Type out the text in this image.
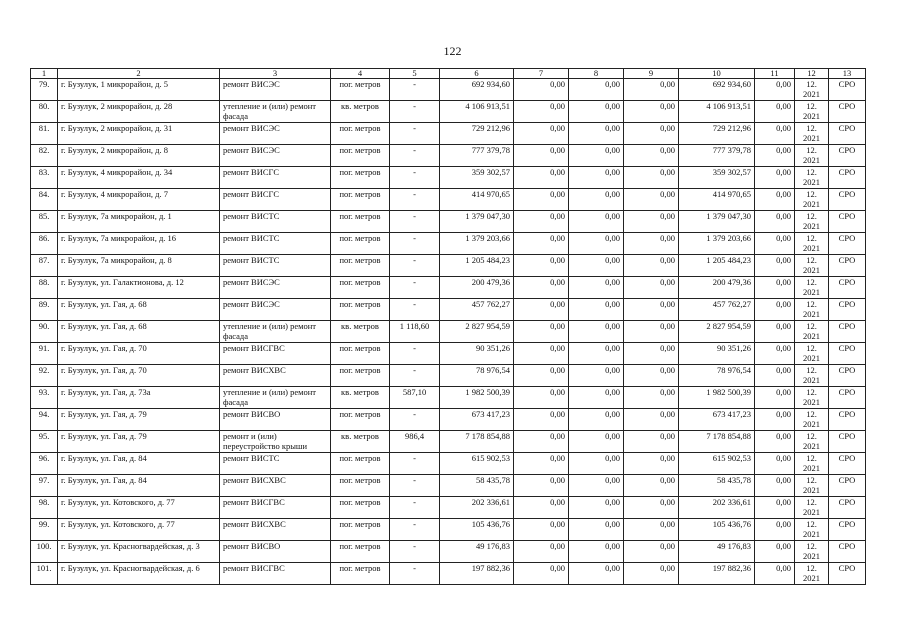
122
1	2	3	4	5	6	7	8	9	10	11	12	13
79.	г. Бузулук, 1 микрорайон, д. 5	ремонт ВИСЭС	пог. метров	-	692 934,60	0,00	0,00	0,00	692 934,60	0,00	12. 2021	СРО
80.	г. Бузулук, 2 микрорайон, д. 28	утепление и (или) ремонт фасада	кв. метров	-	4 106 913,51	0,00	0,00	0,00	4 106 913,51	0,00	12. 2021	СРО
81.	г. Бузулук, 2 микрорайон, д. 31	ремонт ВИСЭС	пог. метров	-	729 212,96	0,00	0,00	0,00	729 212,96	0,00	12. 2021	СРО
82.	г. Бузулук, 2 микрорайон, д. 8	ремонт ВИСЭС	пог. метров	-	777 379,78	0,00	0,00	0,00	777 379,78	0,00	12. 2021	СРО
83.	г. Бузулук, 4 микрорайон, д. 34	ремонт ВИСГС	пог. метров	-	359 302,57	0,00	0,00	0,00	359 302,57	0,00	12. 2021	СРО
84.	г. Бузулук, 4 микрорайон, д. 7	ремонт ВИСГС	пог. метров	-	414 970,65	0,00	0,00	0,00	414 970,65	0,00	12. 2021	СРО
85.	г. Бузулук, 7а микрорайон, д. 1	ремонт ВИСТС	пог. метров	-	1 379 047,30	0,00	0,00	0,00	1 379 047,30	0,00	12. 2021	СРО
86.	г. Бузулук, 7а микрорайон, д. 16	ремонт ВИСТС	пог. метров	-	1 379 203,66	0,00	0,00	0,00	1 379 203,66	0,00	12. 2021	СРО
87.	г. Бузулук, 7а микрорайон, д. 8	ремонт ВИСТС	пог. метров	-	1 205 484,23	0,00	0,00	0,00	1 205 484,23	0,00	12. 2021	СРО
88.	г. Бузулук, ул. Галактионова, д. 12	ремонт ВИСЭС	пог. метров	-	200 479,36	0,00	0,00	0,00	200 479,36	0,00	12. 2021	СРО
89.	г. Бузулук, ул. Гая, д. 68	ремонт ВИСЭС	пог. метров	-	457 762,27	0,00	0,00	0,00	457 762,27	0,00	12. 2021	СРО
90.	г. Бузулук, ул. Гая, д. 68	утепление и (или) ремонт фасада	кв. метров	1 118,60	2 827 954,59	0,00	0,00	0,00	2 827 954,59	0,00	12. 2021	СРО
91.	г. Бузулук, ул. Гая, д. 70	ремонт ВИСГВС	пог. метров	-	90 351,26	0,00	0,00	0,00	90 351,26	0,00	12. 2021	СРО
92.	г. Бузулук, ул. Гая, д. 70	ремонт ВИСХВС	пог. метров	-	78 976,54	0,00	0,00	0,00	78 976,54	0,00	12. 2021	СРО
93.	г. Бузулук, ул. Гая, д. 73а	утепление и (или) ремонт фасада	кв. метров	587,10	1 982 500,39	0,00	0,00	0,00	1 982 500,39	0,00	12. 2021	СРО
94.	г. Бузулук, ул. Гая, д. 79	ремонт ВИСВО	пог. метров	-	673 417,23	0,00	0,00	0,00	673 417,23	0,00	12. 2021	СРО
95.	г. Бузулук, ул. Гая, д. 79	ремонт и (или) переустройство крыши	кв. метров	986,4	7 178 854,88	0,00	0,00	0,00	7 178 854,88	0,00	12. 2021	СРО
96.	г. Бузулук, ул. Гая, д. 84	ремонт ВИСТС	пог. метров	-	615 902,53	0,00	0,00	0,00	615 902,53	0,00	12. 2021	СРО
97.	г. Бузулук, ул. Гая, д. 84	ремонт ВИСХВС	пог. метров	-	58 435,78	0,00	0,00	0,00	58 435,78	0,00	12. 2021	СРО
98.	г. Бузулук, ул. Котовского, д. 77	ремонт ВИСГВС	пог. метров	-	202 336,61	0,00	0,00	0,00	202 336,61	0,00	12. 2021	СРО
99.	г. Бузулук, ул. Котовского, д. 77	ремонт ВИСХВС	пог. метров	-	105 436,76	0,00	0,00	0,00	105 436,76	0,00	12. 2021	СРО
100.	г. Бузулук, ул. Красногвардейская, д. 3	ремонт ВИСВО	пог. метров	-	49 176,83	0,00	0,00	0,00	49 176,83	0,00	12. 2021	СРО
101.	г. Бузулук, ул. Красногвардейская, д. 6	ремонт ВИСГВС	пог. метров	-	197 882,36	0,00	0,00	0,00	197 882,36	0,00	12. 2021	СРО
